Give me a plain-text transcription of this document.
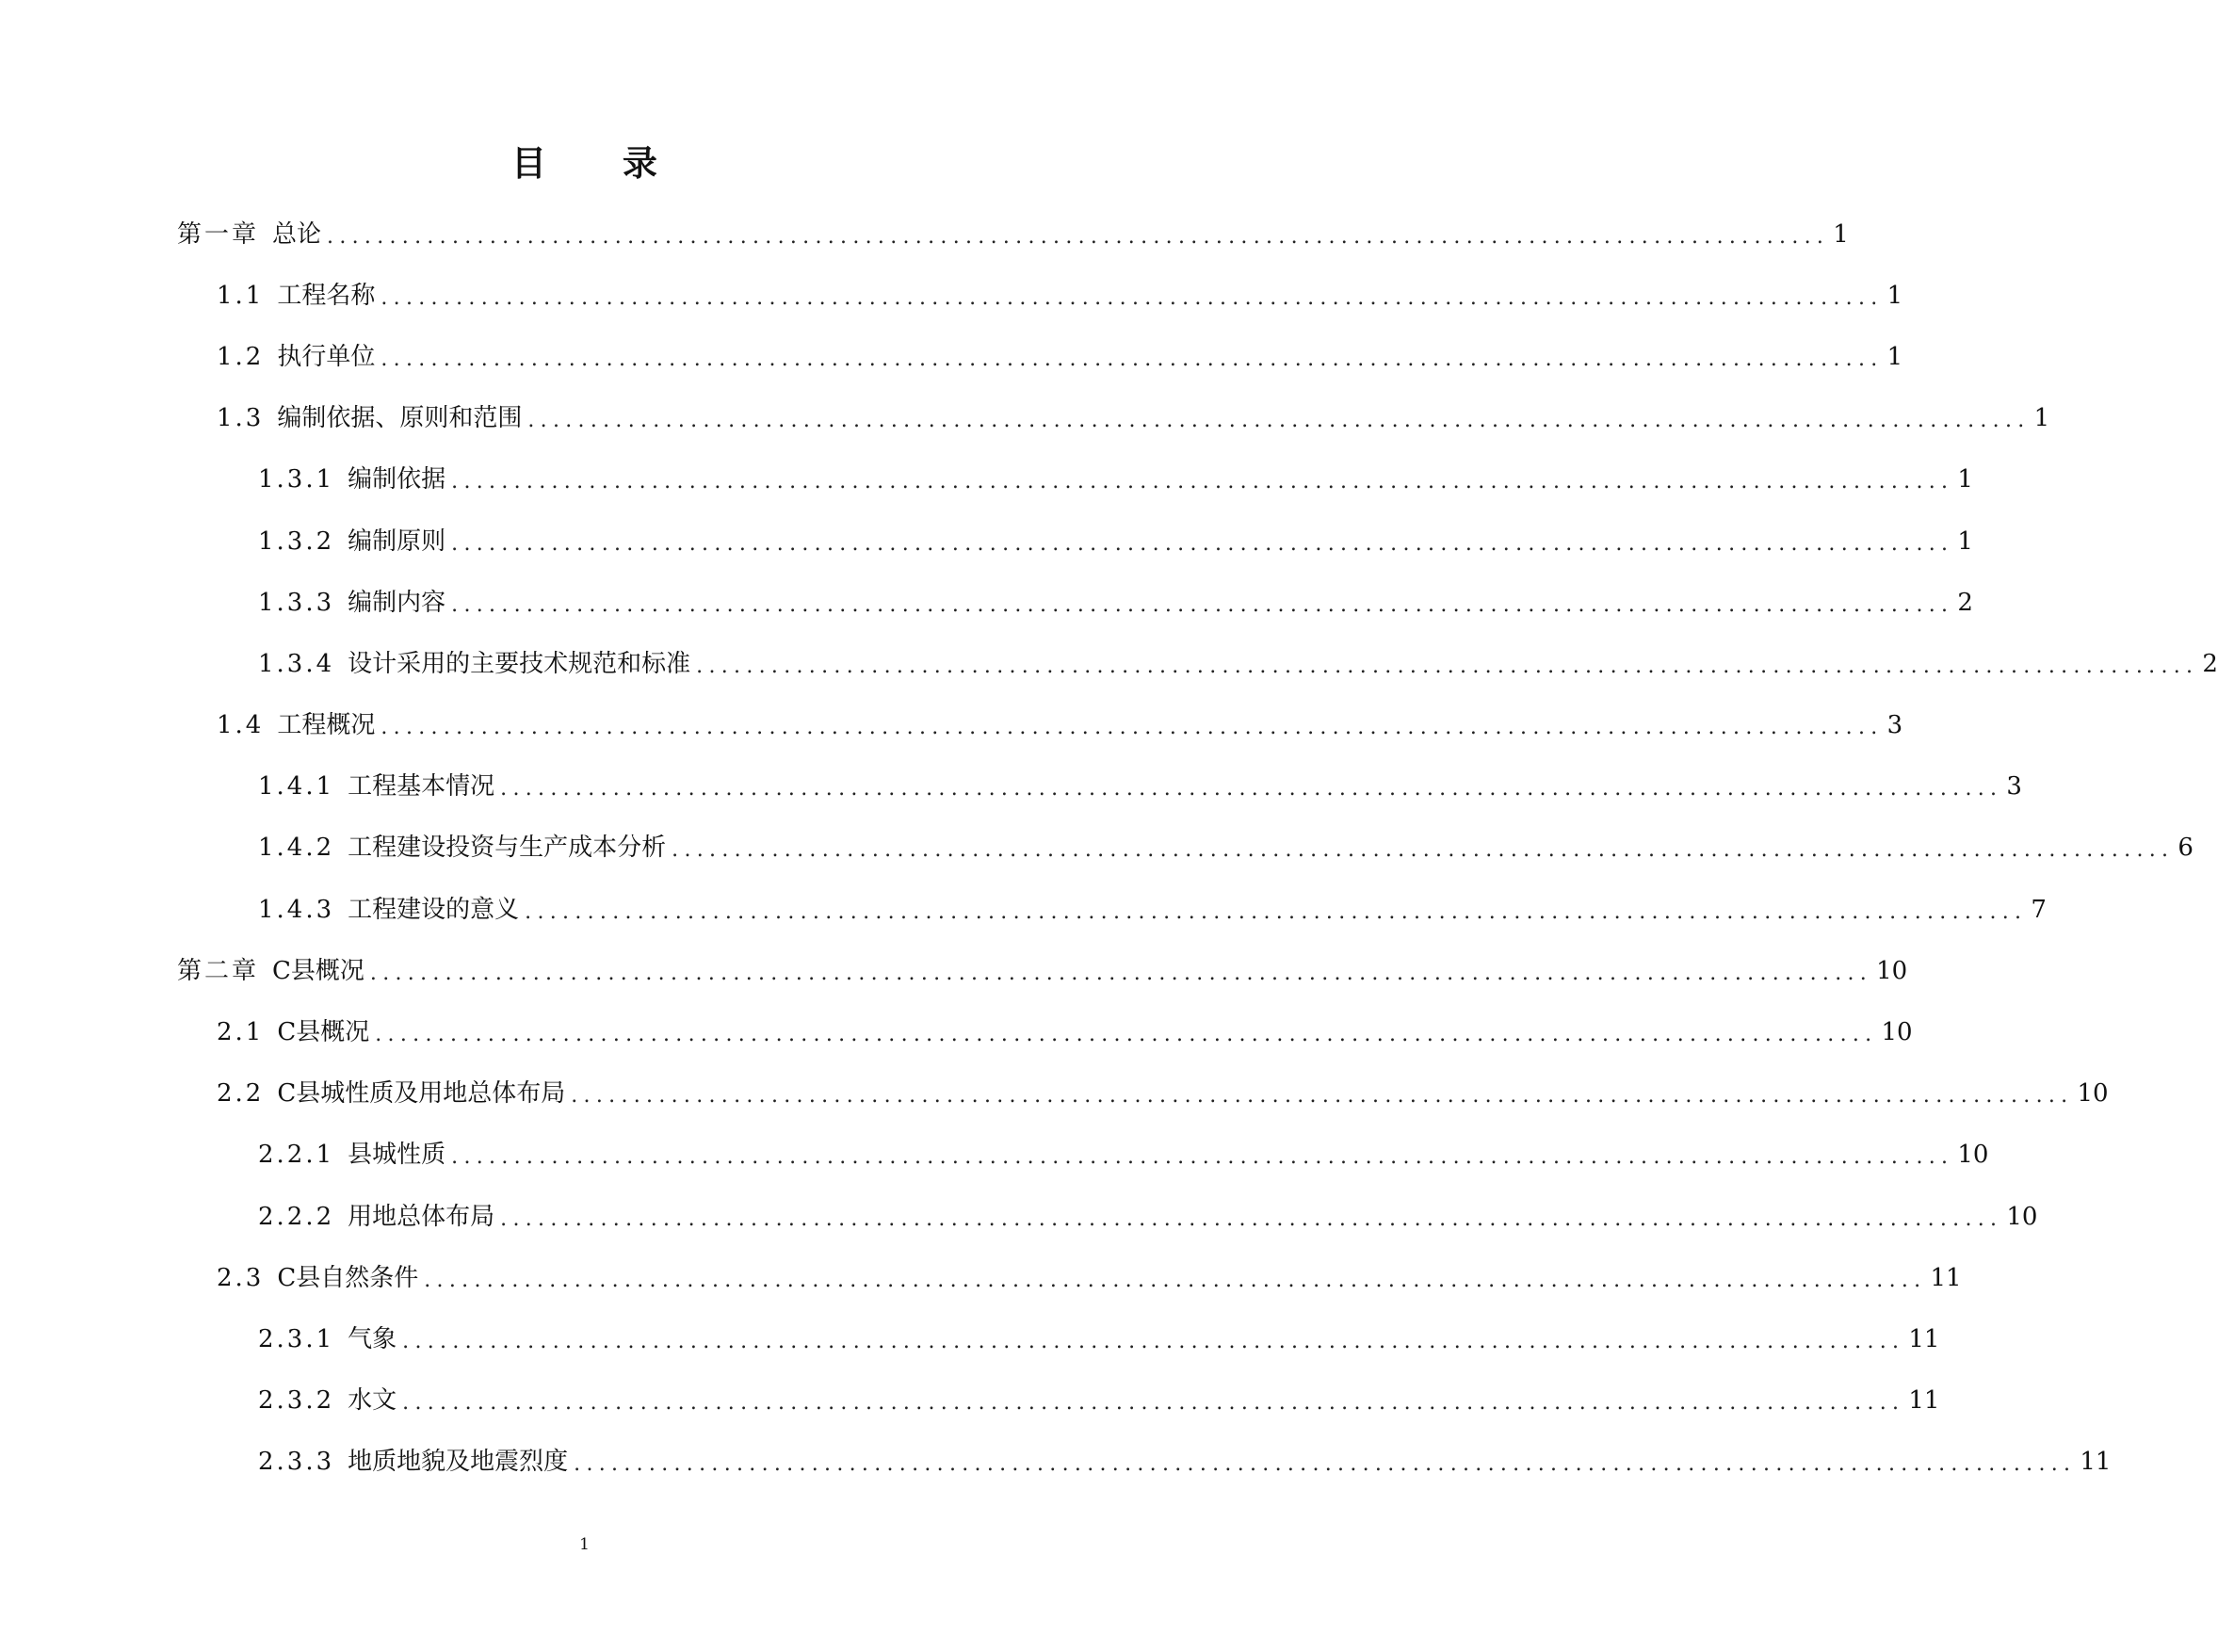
目 录
第一章 总论 ........................................................................................................................ 1
1.1 工程名称 ........................................................................................................................ 1
1.2 执行单位 ........................................................................................................................ 1
1.3 编制依据、原则和范围 ........................................................................................................................ 1
1.3.1 编制依据 ........................................................................................................................ 1
1.3.2 编制原则 ........................................................................................................................ 1
1.3.3 编制内容 ........................................................................................................................ 2
1.3.4 设计采用的主要技术规范和标准 ........................................................................................................................ 2
1.4 工程概况 ........................................................................................................................ 3
1.4.1 工程基本情况 ........................................................................................................................ 3
1.4.2 工程建设投资与生产成本分析 ........................................................................................................................ 6
1.4.3 工程建设的意义 ........................................................................................................................ 7
第二章 C县概况 ........................................................................................................................ 10
2.1 C县概况 ........................................................................................................................ 10
2.2 C县城性质及用地总体布局 ........................................................................................................................ 10
2.2.1 县城性质 ........................................................................................................................ 10
2.2.2 用地总体布局 ........................................................................................................................ 10
2.3 C县自然条件 ........................................................................................................................ 11
2.3.1 气象 ........................................................................................................................ 11
2.3.2 水文 ........................................................................................................................ 11
2.3.3 地质地貌及地震烈度 ........................................................................................................................ 11
1
